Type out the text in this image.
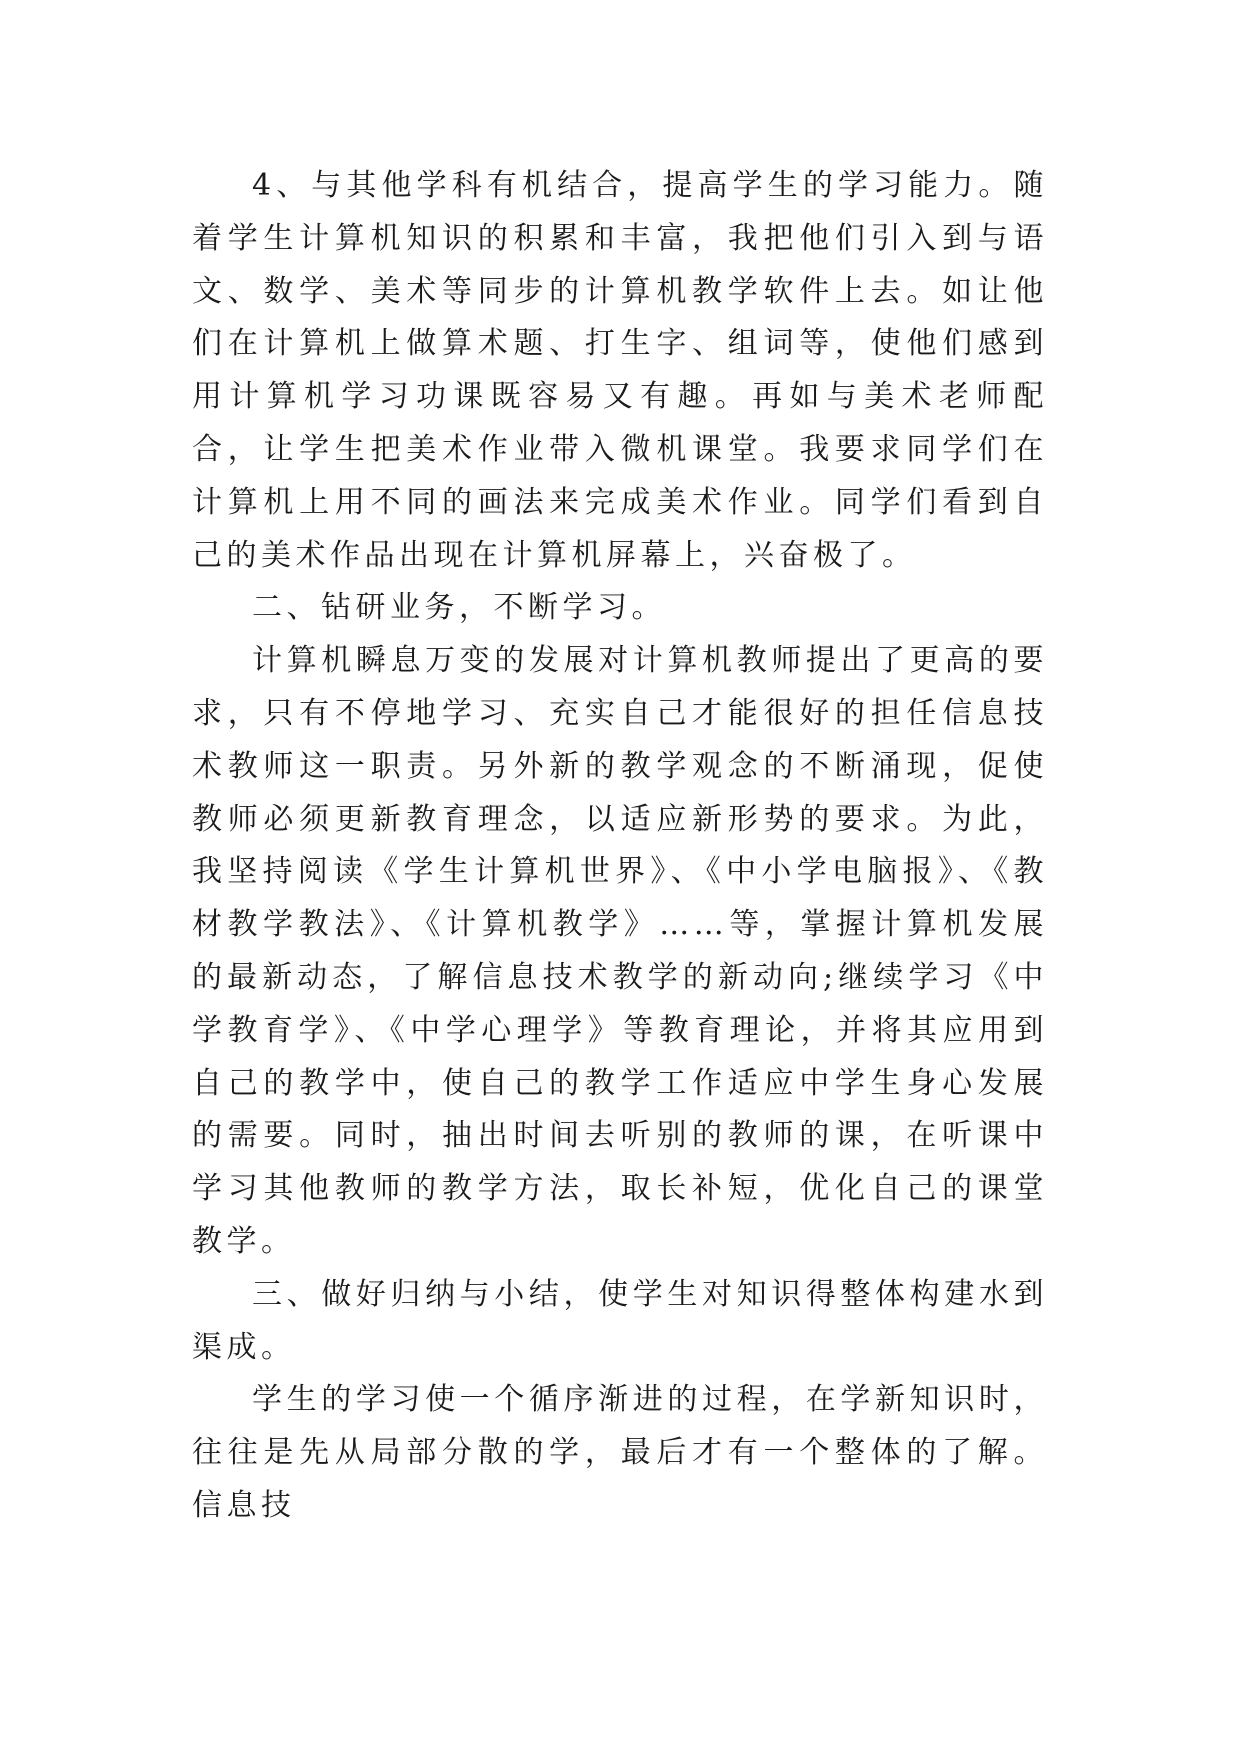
4、与其他学科有机结合，提高学生的学习能力。随着学生计算机知识的积累和丰富，我把他们引入到与语文、数学、美术等同步的计算机教学软件上去。如让他们在计算机上做算术题、打生字、组词等，使他们感到用计算机学习功课既容易又有趣。再如与美术老师配合，让学生把美术作业带入微机课堂。我要求同学们在计算机上用不同的画法来完成美术作业。同学们看到自己的美术作品出现在计算机屏幕上，兴奋极了。

二、钻研业务，不断学习。

计算机瞬息万变的发展对计算机教师提出了更高的要求，只有不停地学习、充实自己才能很好的担任信息技术教师这一职责。另外新的教学观念的不断涌现，促使教师必须更新教育理念，以适应新形势的要求。为此，我坚持阅读《学生计算机世界》、《中小学电脑报》、《教材教学教法》、《计算机教学》……等，掌握计算机发展的最新动态，了解信息技术教学的新动向;继续学习《中学教育学》、《中学心理学》等教育理论，并将其应用到自己的教学中，使自己的教学工作适应中学生身心发展的需要。同时，抽出时间去听别的教师的课，在听课中学习其他教师的教学方法，取长补短，优化自己的课堂教学。

三、做好归纳与小结，使学生对知识得整体构建水到渠成。

学生的学习使一个循序渐进的过程，在学新知识时，往往是先从局部分散的学，最后才有一个整体的了解。信息技
